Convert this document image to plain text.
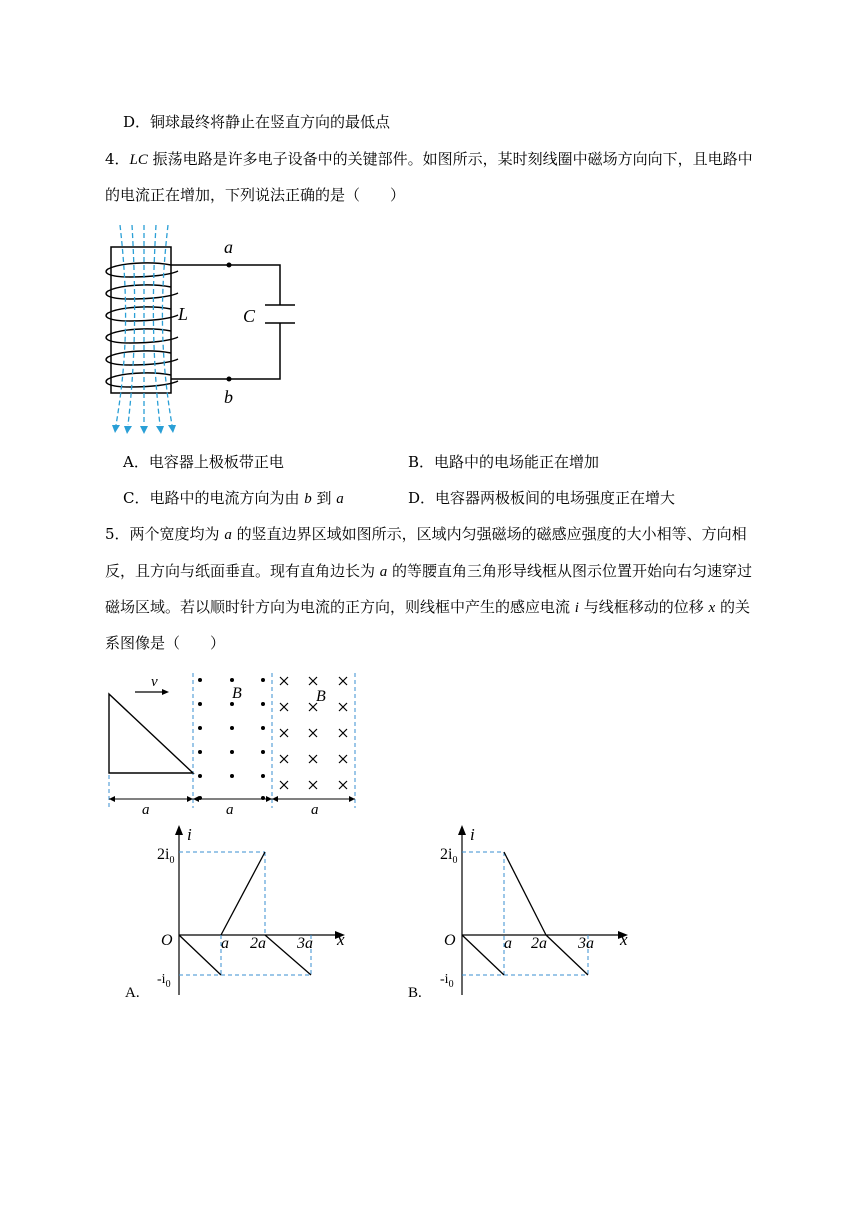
D．铜球最终将静止在竖直方向的最低点
4．LC 振荡电路是许多电子设备中的关键部件。如图所示，某时刻线圈中磁场方向向下，且电路中
的电流正在增加，下列说法正确的是（　　）
a
b
L	C
A．电容器上极板带正电	B．电路中的电场能正在增加
C．电路中的电流方向为由 b 到 a	D．电容器两极板间的电场强度正在增大
5．两个宽度均为 a 的竖直边界区域如图所示，区域内匀强磁场的磁感应强度的大小相等、方向相
反，且方向与纸面垂直。现有直角边长为 a 的等腰直角三角形导线框从图示位置开始向右匀速穿过
磁场区域。若以顺时针方向为电流的正方向，则线框中产生的感应电流 i 与线框移动的位移 x 的关
系图像是（　　）
v
B	B
a	a	a
i
x
O
$2i_0$
$-i_0$
a 2a 3a
A.
i
x
O
$2i_0$
$-i_0$
a 2a 3a
B.
